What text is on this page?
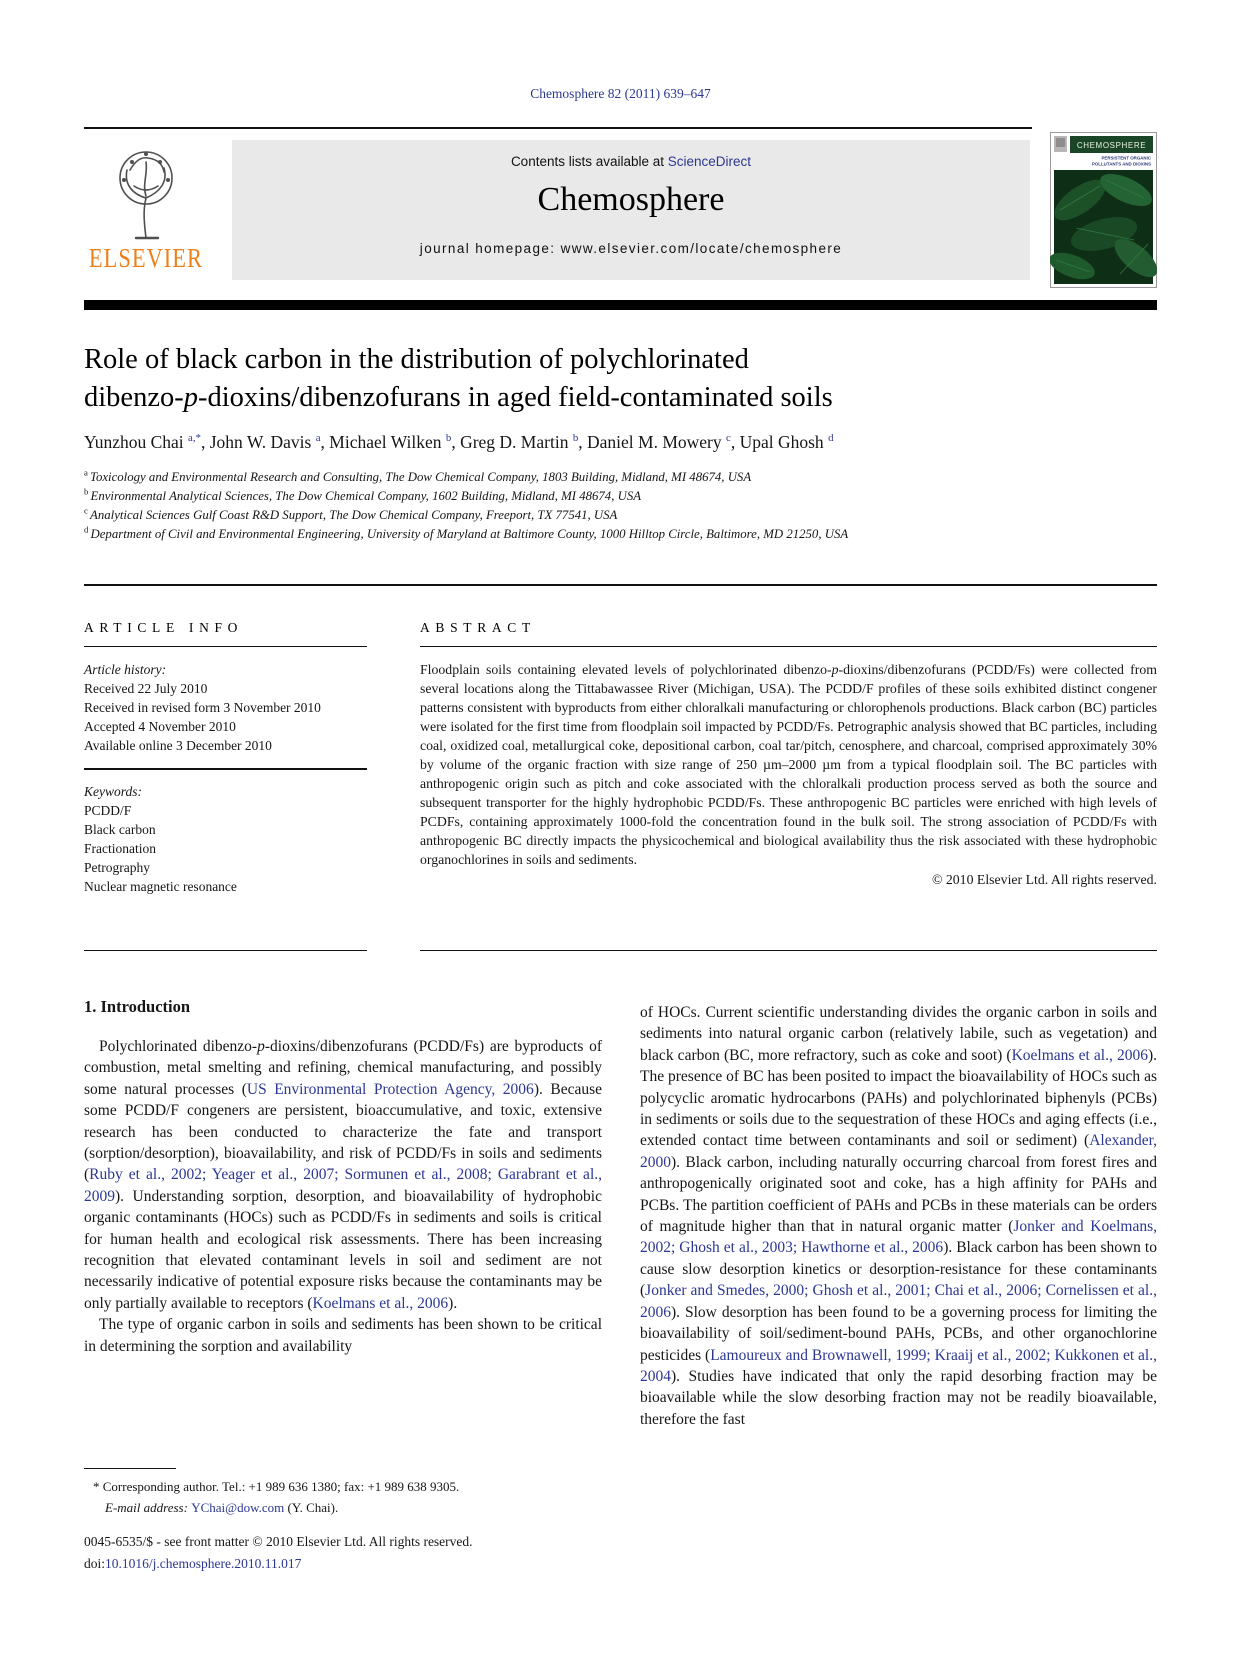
Chemosphere 82 (2011) 639–647
ELSEVIER
Contents lists available at ScienceDirect
Chemosphere
journal homepage: www.elsevier.com/locate/chemosphere
CHEMOSPHERE
PERSISTENT ORGANIC
POLLUTANTS AND DIOXINS
Role of black carbon in the distribution of polychlorinated
dibenzo-p-dioxins/dibenzofurans in aged field-contaminated soils
Yunzhou Chai $^{a,*}$, John W. Davis $^a$, Michael Wilken $^b$, Greg D. Martin $^b$, Daniel M. Mowery $^c$, Upal Ghosh $^d$
$^a$ Toxicology and Environmental Research and Consulting, The Dow Chemical Company, 1803 Building, Midland, MI 48674, USA
$^b$ Environmental Analytical Sciences, The Dow Chemical Company, 1602 Building, Midland, MI 48674, USA
$^c$ Analytical Sciences Gulf Coast R&D Support, The Dow Chemical Company, Freeport, TX 77541, USA
$^d$ Department of Civil and Environmental Engineering, University of Maryland at Baltimore County, 1000 Hilltop Circle, Baltimore, MD 21250, USA
ARTICLE INFO
Article history:
Received 22 July 2010
Received in revised form 3 November 2010
Accepted 4 November 2010
Available online 3 December 2010
Keywords:
PCDD/F
Black carbon
Fractionation
Petrography
Nuclear magnetic resonance
ABSTRACT

Floodplain soils containing elevated levels of polychlorinated dibenzo-p-dioxins/dibenzofurans (PCDD/Fs) were collected from several locations along the Tittabawassee River (Michigan, USA). The PCDD/F profiles of these soils exhibited distinct congener patterns consistent with byproducts from either chloralkali manufacturing or chlorophenols productions. Black carbon (BC) particles were isolated for the first time from floodplain soil impacted by PCDD/Fs. Petrographic analysis showed that BC particles, including coal, oxidized coal, metallurgical coke, depositional carbon, coal tar/pitch, cenosphere, and charcoal, comprised approximately 30% by volume of the organic fraction with size range of 250 µm–2000 µm from a typical floodplain soil. The BC particles with anthropogenic origin such as pitch and coke associated with the chloralkali production process served as both the source and subsequent transporter for the highly hydrophobic PCDD/Fs. These anthropogenic BC particles were enriched with high levels of PCDFs, containing approximately 1000-fold the concentration found in the bulk soil. The strong association of PCDD/Fs with anthropogenic BC directly impacts the physicochemical and biological availability thus the risk associated with these hydrophobic organochlorines in soils and sediments.

© 2010 Elsevier Ltd. All rights reserved.
1. Introduction

Polychlorinated dibenzo-p-dioxins/dibenzofurans (PCDD/Fs) are byproducts of combustion, metal smelting and refining, chemical manufacturing, and possibly some natural processes (US Environmental Protection Agency, 2006). Because some PCDD/F congeners are persistent, bioaccumulative, and toxic, extensive research has been conducted to characterize the fate and transport (sorption/desorption), bioavailability, and risk of PCDD/Fs in soils and sediments (Ruby et al., 2002; Yeager et al., 2007; Sormunen et al., 2008; Garabrant et al., 2009). Understanding sorption, desorption, and bioavailability of hydrophobic organic contaminants (HOCs) such as PCDD/Fs in sediments and soils is critical for human health and ecological risk assessments. There has been increasing recognition that elevated contaminant levels in soil and sediment are not necessarily indicative of potential exposure risks because the contaminants may be only partially available to receptors (Koelmans et al., 2006).

The type of organic carbon in soils and sediments has been shown to be critical in determining the sorption and availability

of HOCs. Current scientific understanding divides the organic carbon in soils and sediments into natural organic carbon (relatively labile, such as vegetation) and black carbon (BC, more refractory, such as coke and soot) (Koelmans et al., 2006). The presence of BC has been posited to impact the bioavailability of HOCs such as polycyclic aromatic hydrocarbons (PAHs) and polychlorinated biphenyls (PCBs) in sediments or soils due to the sequestration of these HOCs and aging effects (i.e., extended contact time between contaminants and soil or sediment) (Alexander, 2000). Black carbon, including naturally occurring charcoal from forest fires and anthropogenically originated soot and coke, has a high affinity for PAHs and PCBs. The partition coefficient of PAHs and PCBs in these materials can be orders of magnitude higher than that in natural organic matter (Jonker and Koelmans, 2002; Ghosh et al., 2003; Hawthorne et al., 2006). Black carbon has been shown to cause slow desorption kinetics or desorption-resistance for these contaminants (Jonker and Smedes, 2000; Ghosh et al., 2001; Chai et al., 2006; Cornelissen et al., 2006). Slow desorption has been found to be a governing process for limiting the bioavailability of soil/sediment-bound PAHs, PCBs, and other organochlorine pesticides (Lamoureux and Brownawell, 1999; Kraaij et al., 2002; Kukkonen et al., 2004). Studies have indicated that only the rapid desorbing fraction may be bioavailable while the slow desorbing fraction may not be readily bioavailable, therefore the fast

* Corresponding author. Tel.: +1 989 636 1380; fax: +1 989 638 9305.
E-mail address: YChai@dow.com (Y. Chai).
0045-6535/$ - see front matter © 2010 Elsevier Ltd. All rights reserved.
doi:10.1016/j.chemosphere.2010.11.017
